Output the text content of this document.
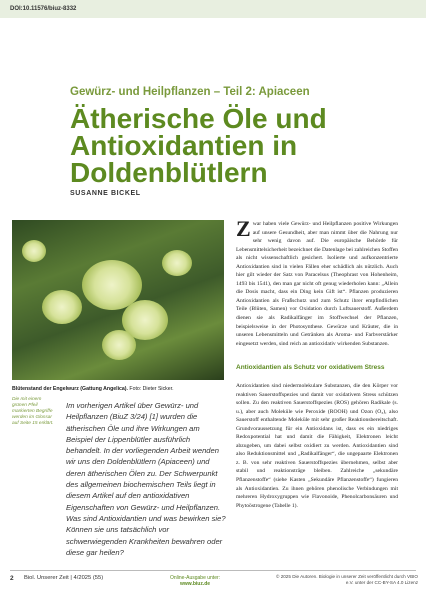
DOI:10.11576/biuz-8332
Gewürz- und Heilpflanzen – Teil 2: Apiaceen
Ätherische Öle und Antioxidantien in Doldenblütlern
SUSANNE BICKEL
Blütenstand der Engelwurz (Gattung Angelica). Foto: Dieter Sicker.
Die mit einem grünen Pfeil markierten Begriffe werden im Glossar auf Seite 15 erklärt.
Im vorherigen Artikel über Gewürz- und Heilpflanzen (BiuZ 3/24) [1] wurden die ätherischen Öle und ihre Wirkungen am Beispiel der Lippenblütler ausführlich behandelt. In der vorliegenden Arbeit wenden wir uns den Doldenblütlern (Apiaceen) und deren ätherischen Ölen zu. Der Schwerpunkt des allgemeinen biochemischen Teils liegt in diesem Artikel auf den antioxidativen Eigenschaften von Gewürz- und Heilpflanzen. Was sind Antioxidantien und was bewirken sie? Können sie uns tatsächlich vor schwerwiegenden Krankheiten bewahren oder diese gar heilen?
Zwar haben viele Gewürz- und Heilpflanzen positive Wirkungen auf unsere Gesundheit, aber man nimmt über die Nahrung nur sehr wenig davon auf. Die europäische Behörde für Lebensmittelsicherheit bezeichnet die Datenlage bei zahlreichen Stoffen als nicht wissenschaftlich gesichert. Isolierte und aufkonzentrierte Antioxidantien sind in vielen Fällen eher schädlich als nützlich. Auch hier gilt wieder der Satz von Paracelsus (Theophrast von Hohenheim, 1493 bis 1541), den man gar nicht oft genug wiederholen kann: „Allein die Dosis macht, dass ein Ding kein Gift ist“. Pflanzen produzieren Antioxidantien als Fraßschutz und zum Schutz ihrer empfindlichen Teile (Blüten, Samen) vor Oxidation durch Luftsauerstoff. Außerdem dienen sie als Radikalfänger im Stoffwechsel der Pflanzen, beispielsweise in der Photosynthese. Gewürze und Kräuter, die in unseren Lebensmitteln und Getränken als Aroma- und Farbverstärker eingesetzt werden, sind reich an antioxidativ wirkenden Substanzen.
Antioxidantien als Schutz vor oxidativem Stress
Antioxidantien sind niedermolekulare Substanzen, die den Körper vor reaktiven Sauerstoffspezies und damit vor oxidativem Stress schützen sollen. Zu den reaktiven Sauerstoffspezies (ROS) gehören Radikale (s. u.), aber auch Moleküle wie Peroxide (ROOH) und Ozon (O₃), also Sauerstoff enthaltende Moleküle mit sehr großer Reaktionsbereitschaft. Grundvoraussetzung für ein Antioxidans ist, dass es ein niedriges Redoxpotential hat und damit die Fähigkeit, Elektronen leicht abzugeben, um dabei selbst oxidiert zu werden. Antioxidantien sind also Reduktionsmittel und „Radikalfänger“, die ungepaarte Elektronen z. B. von sehr reaktiven Sauerstoffspezies übernehmen, selbst aber stabil und reaktionsträge bleiben. Zahlreiche „sekundäre Pflanzenstoffe“ (siehe Kasten „Sekundäre Pflanzenstoffe“) fungieren als Antioxidantien. Zu ihnen gehören phenolische Verbindungen mit mehreren Hydroxygruppen wie Flavonoide, Phenolcarbonsäuren und Phytoöstrogene (Tabelle 1).
2 Biol. Unserer Zeit | 4/2025 (55)	Online-Ausgabe unter:
www.biuz.de
© 2025 Die Autoren. Biologie in unserer Zeit veröffentlicht durch VBIO e.V. unter der CC-BY-SA 4.0 Lizenz
